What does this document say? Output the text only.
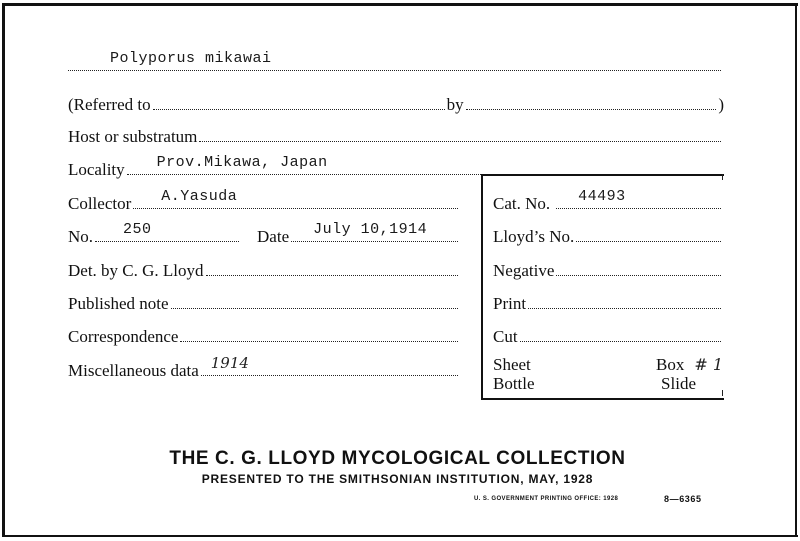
Polyporus mikawai
(Referred to	by	)
Host or substratum
Locality Prov.Mikawa, Japan
Collector A.Yasuda
No. 250	Date July 10,1914
Det. by C. G. Lloyd
Published note
Correspondence
Miscellaneous data 1914
Cat. No. 44493
Lloyd’s No.
Negative
Print
Cut
Sheet	Box # 1
Bottle	Slide
THE C. G. LLOYD MYCOLOGICAL COLLECTION
PRESENTED TO THE SMITHSONIAN INSTITUTION, MAY, 1928
U. S. GOVERNMENT PRINTING OFFICE: 1928	8—6365
